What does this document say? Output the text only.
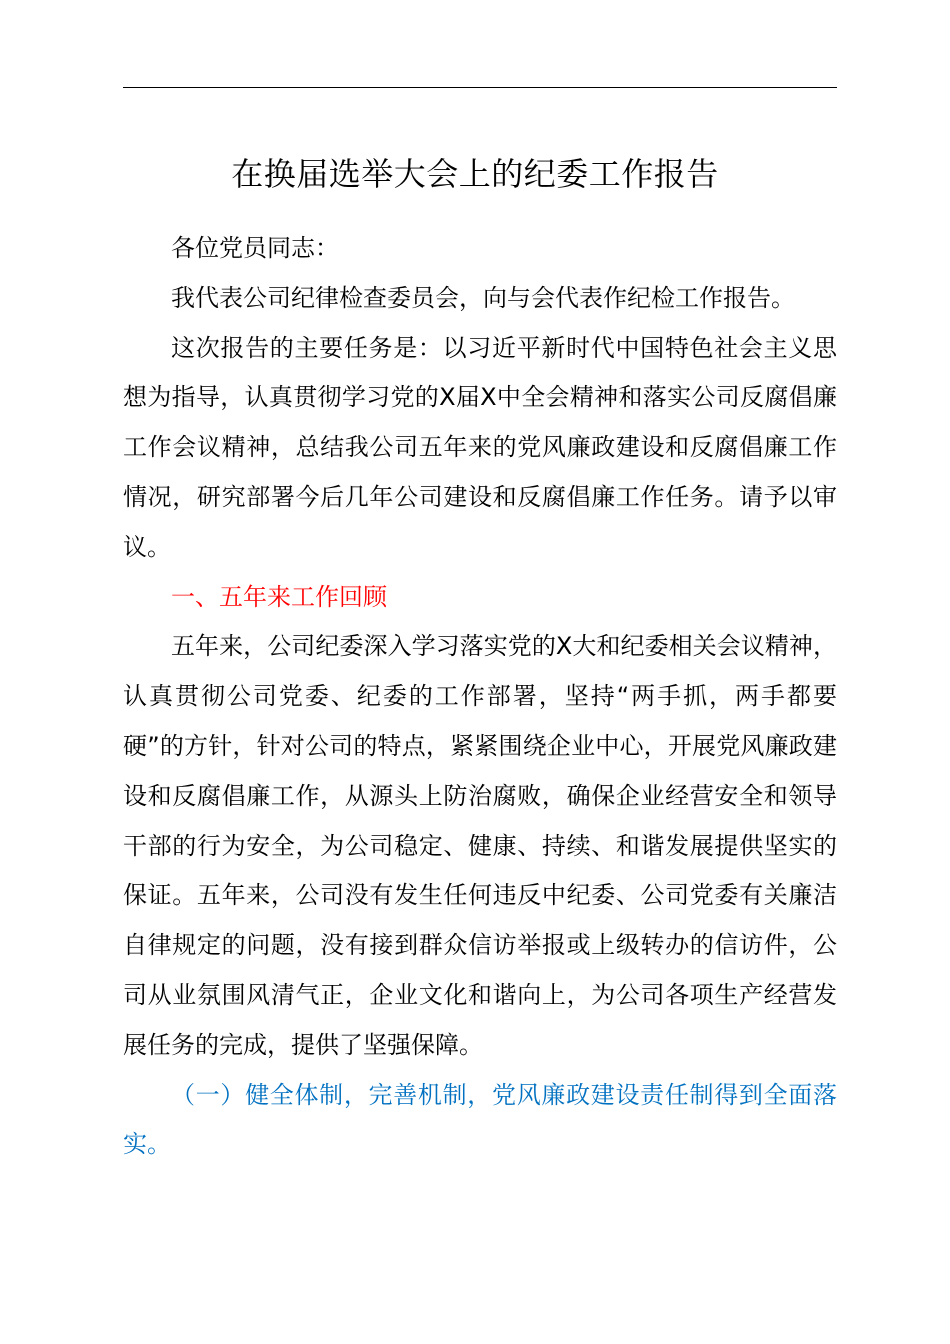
在换届选举大会上的纪委工作报告

各位党员同志：

我代表公司纪律检查委员会，向与会代表作纪检工作报告。

这次报告的主要任务是：以习近平新时代中国特色社会主义思想为指导，认真贯彻学习党的X届X中全会精神和落实公司反腐倡廉工作会议精神，总结我公司五年来的党风廉政建设和反腐倡廉工作情况，研究部署今后几年公司建设和反腐倡廉工作任务。请予以审议。

一、五年来工作回顾

五年来，公司纪委深入学习落实党的X大和纪委相关会议精神，认真贯彻公司党委、纪委的工作部署，坚持“两手抓，两手都要硬”的方针，针对公司的特点，紧紧围绕企业中心，开展党风廉政建设和反腐倡廉工作，从源头上防治腐败，确保企业经营安全和领导干部的行为安全，为公司稳定、健康、持续、和谐发展提供坚实的保证。五年来，公司没有发生任何违反中纪委、公司党委有关廉洁自律规定的问题，没有接到群众信访举报或上级转办的信访件，公司从业氛围风清气正，企业文化和谐向上，为公司各项生产经营发展任务的完成，提供了坚强保障。

（一）健全体制，完善机制，党风廉政建设责任制得到全面落实。
